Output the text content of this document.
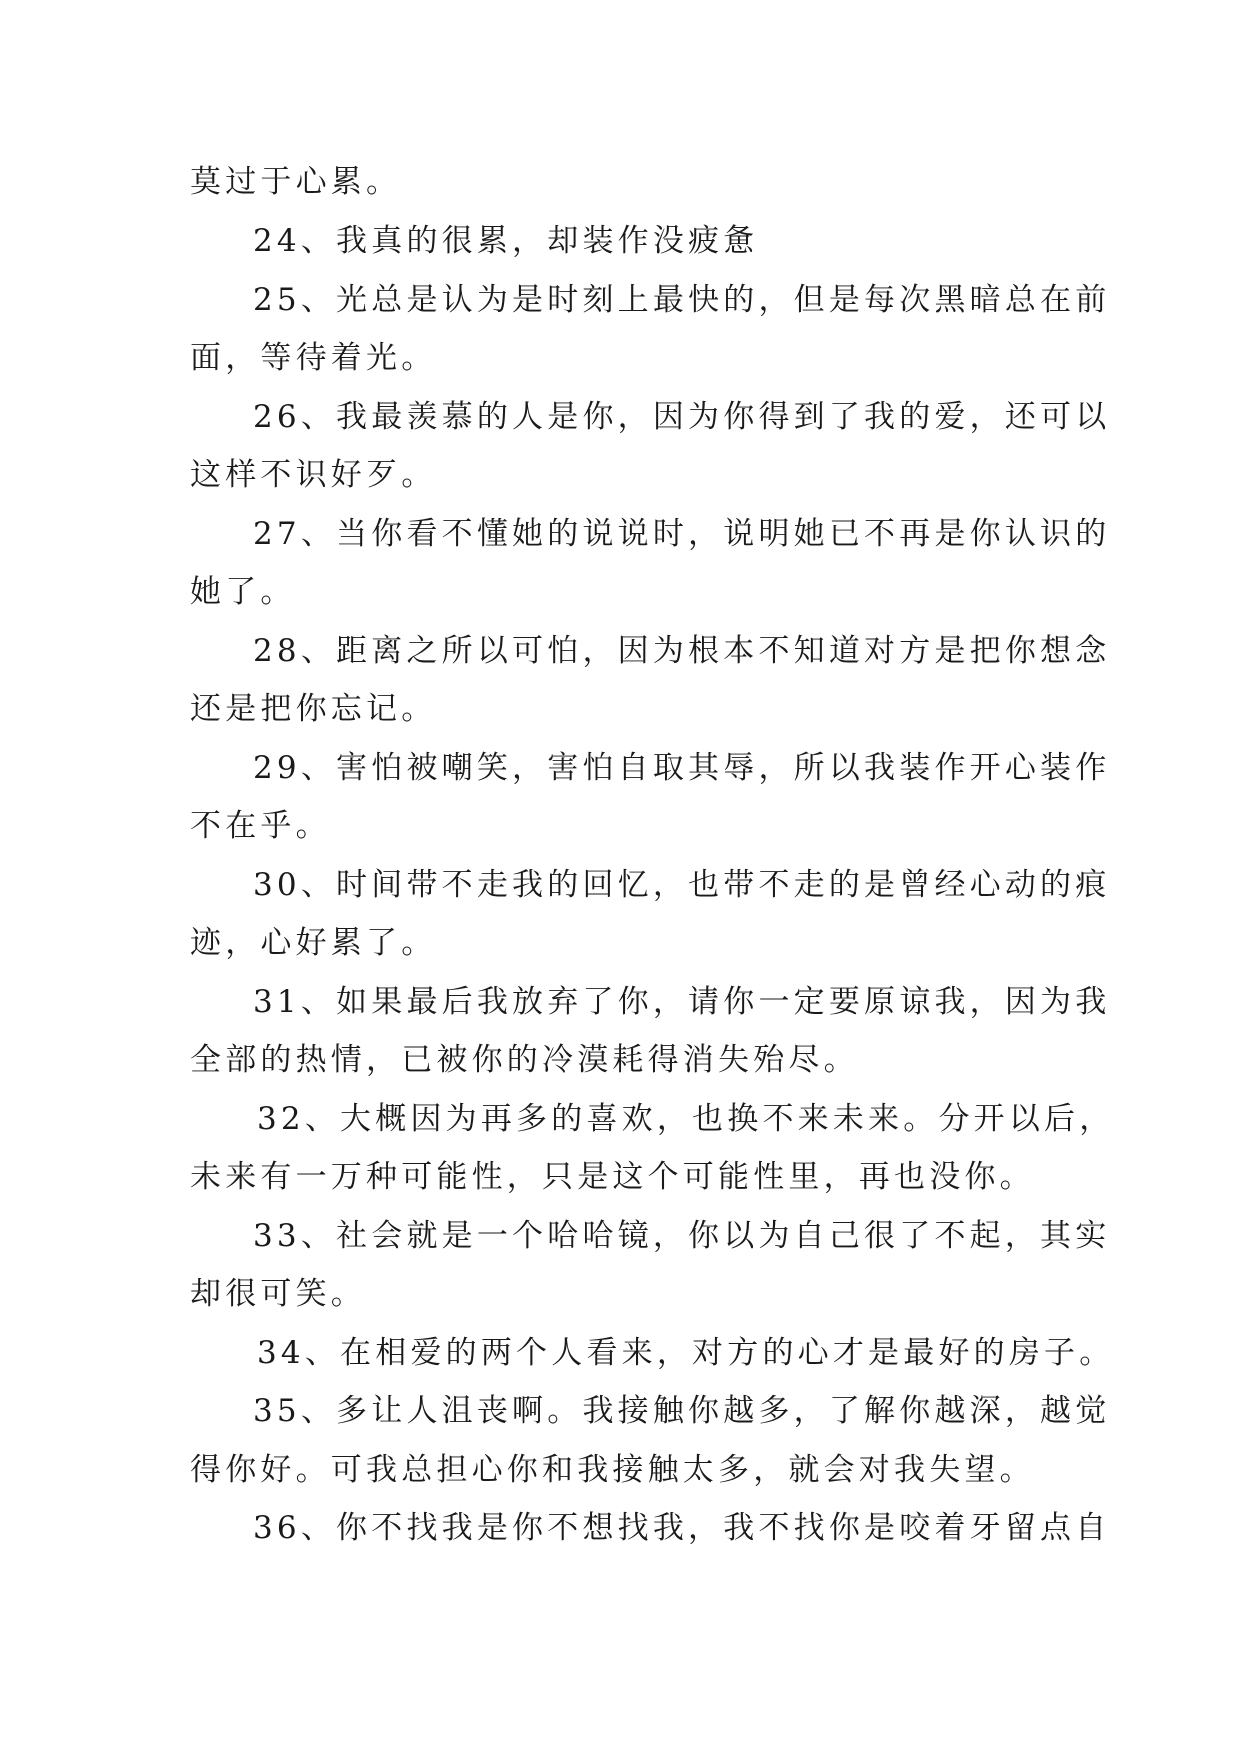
莫过于心累。
24、我真的很累，却装作没疲惫
25、光总是认为是时刻上最快的，但是每次黑暗总在前
面，等待着光。
26、我最羡慕的人是你，因为你得到了我的爱，还可以
这样不识好歹。
27、当你看不懂她的说说时，说明她已不再是你认识的
她了。
28、距离之所以可怕，因为根本不知道对方是把你想念
还是把你忘记。
29、害怕被嘲笑，害怕自取其辱，所以我装作开心装作
不在乎。
30、时间带不走我的回忆，也带不走的是曾经心动的痕
迹，心好累了。
31、如果最后我放弃了你，请你一定要原谅我，因为我
全部的热情，已被你的冷漠耗得消失殆尽。
32、大概因为再多的喜欢，也换不来未来。分开以后，
未来有一万种可能性，只是这个可能性里，再也没你。
33、社会就是一个哈哈镜，你以为自己很了不起，其实
却很可笑。
34、在相爱的两个人看来，对方的心才是最好的房子。
35、多让人沮丧啊。我接触你越多，了解你越深，越觉
得你好。可我总担心你和我接触太多，就会对我失望。
36、你不找我是你不想找我，我不找你是咬着牙留点自
